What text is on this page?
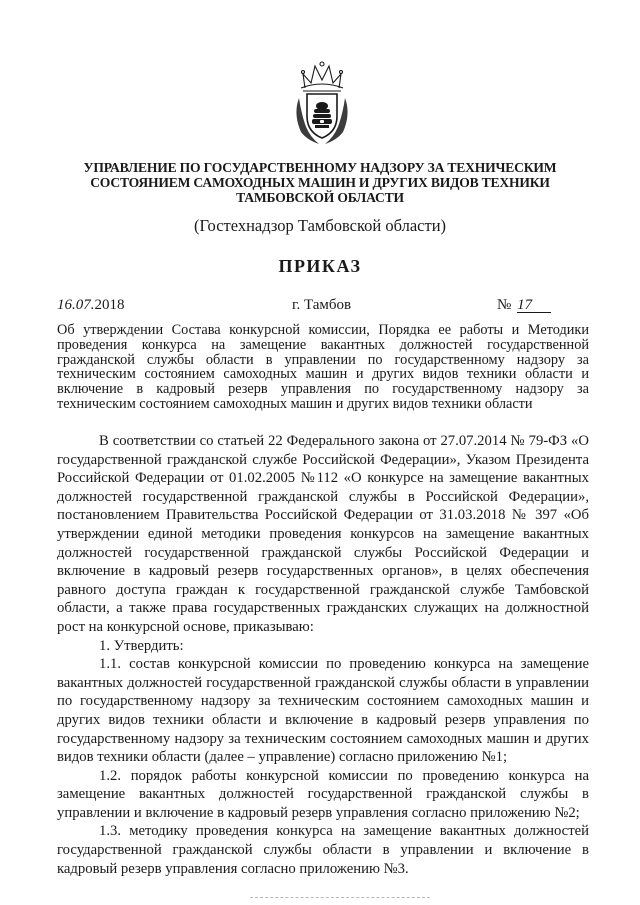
УПРАВЛЕНИЕ ПО ГОСУДАРСТВЕННОМУ НАДЗОРУ ЗА ТЕХНИЧЕСКИМ
СОСТОЯНИЕМ САМОХОДНЫХ МАШИН И ДРУГИХ ВИДОВ ТЕХНИКИ
ТАМБОВСКОЙ ОБЛАСТИ
(Гостехнадзор Тамбовской области)
ПРИКАЗ
16.07.2018	г. Тамбов	№ 17
Об утверждении Состава конкурсной комиссии, Порядка ее работы и Методики проведения конкурса на замещение вакантных должностей государственной гражданской службы области в управлении по государственному надзору за техническим состоянием самоходных машин и других видов техники области и включение в кадровый резерв управления по государственному надзору за техническим состоянием самоходных машин и других видов техники области

В соответствии со статьей 22 Федерального закона от 27.07.2014 № 79-ФЗ «О государственной гражданской службе Российской Федерации», Указом Президента Российской Федерации от 01.02.2005 №112 «О конкурсе на замещение вакантных должностей государственной гражданской службы в Российской Федерации», постановлением Правительства Российской Федерации от 31.03.2018 № 397 «Об утверждении единой методики проведения конкурсов на замещение вакантных должностей государственной гражданской службы Российской Федерации и включение в кадровый резерв государственных органов», в целях обеспечения равного доступа граждан к государственной гражданской службе Тамбовской области, а также права государственных гражданских служащих на должностной рост на конкурсной основе, приказываю:

1. Утвердить:

1.1. состав конкурсной комиссии по проведению конкурса на замещение вакантных должностей государственной гражданской службы области в управлении по государственному надзору за техническим состоянием самоходных машин и других видов техники области и включение в кадровый резерв управления по государственному надзору за техническим состоянием самоходных машин и других видов техники области (далее – управление) согласно приложению №1;

1.2. порядок работы конкурсной комиссии по проведению конкурса на замещение вакантных должностей государственной гражданской службы в управлении и включение в кадровый резерв управления согласно приложению №2;

1.3. методику проведения конкурса на замещение вакантных должностей государственной гражданской службы области в управлении и включение в кадровый резерв управления согласно приложению №3.
